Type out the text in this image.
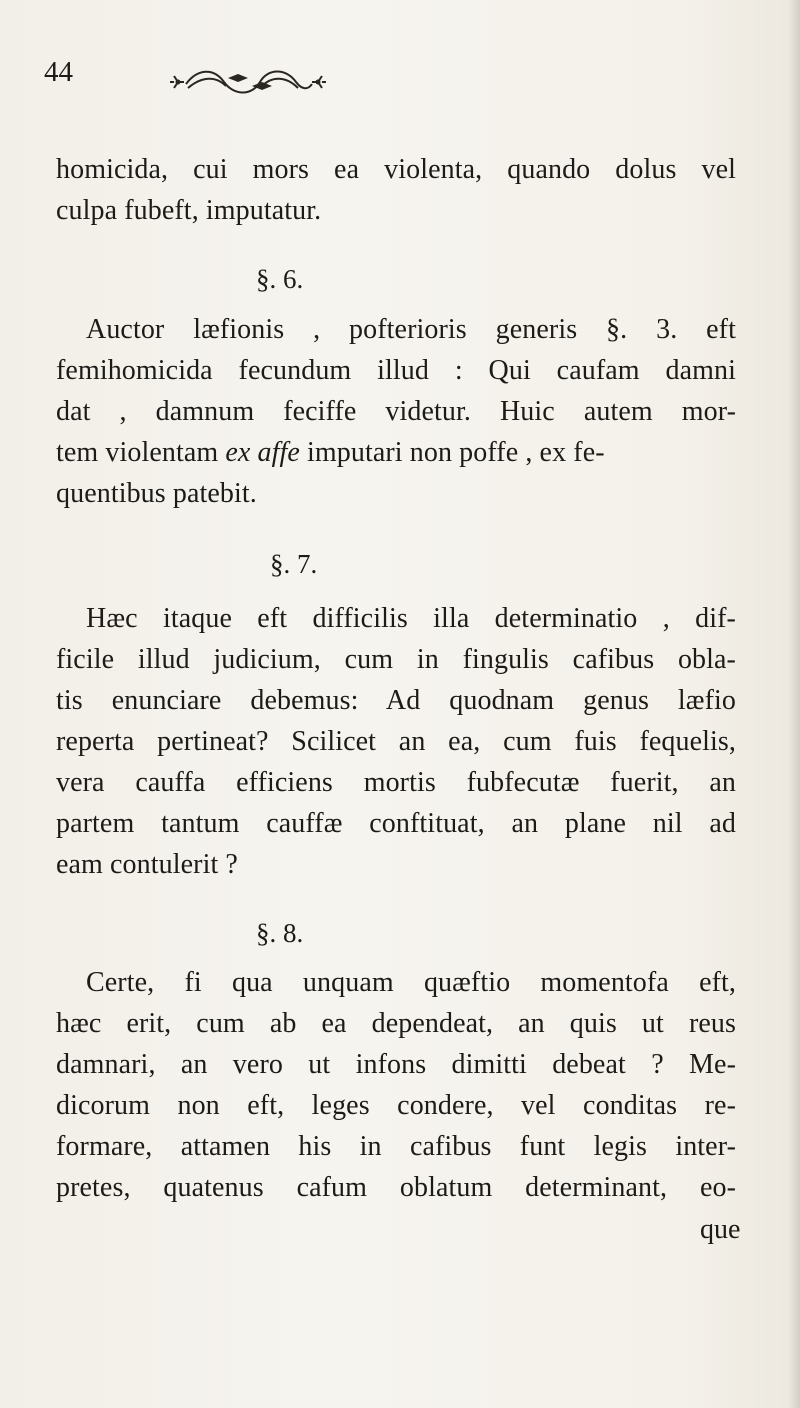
44
homicida, cui mors ea violenta, quando dolus vel
culpa fubeft, imputatur.
§. 6.
Auctor læfionis , pofterioris generis §. 3. eft
femihomicida fecundum illud : Qui caufam damni
dat , damnum feciffe videtur. Huic autem mor-
tem violentam ex affe imputari non poffe , ex fe-
quentibus patebit.
§. 7.
Hæc itaque eft difficilis illa determinatio , dif-
ficile illud judicium, cum in fingulis cafibus obla-
tis enunciare debemus: Ad quodnam genus læfio
reperta pertineat? Scilicet an ea, cum fuis fequelis,
vera cauffa efficiens mortis fubfecutæ fuerit, an
partem tantum cauffæ conftituat, an plane nil ad
eam contulerit ?
§. 8.
Certe, fi qua unquam quæftio momentofa eft,
hæc erit, cum ab ea dependeat, an quis ut reus
damnari, an vero ut infons dimitti debeat ? Me-
dicorum non eft, leges condere, vel conditas re-
formare, attamen his in cafibus funt legis inter-
pretes, quatenus cafum oblatum determinant, eo-
que
